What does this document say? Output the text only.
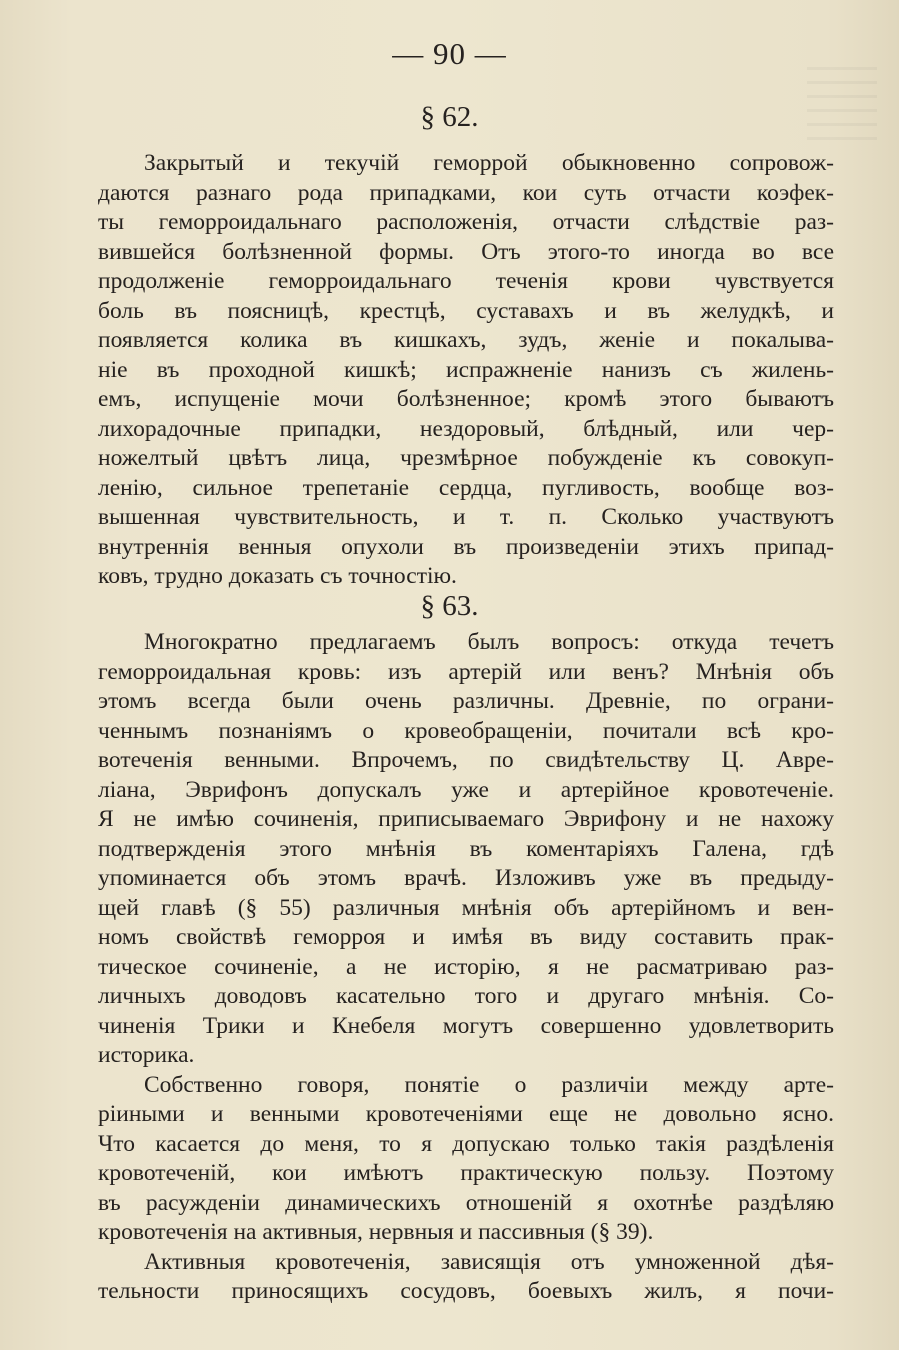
— 90 —
§ 62.
Закрытый и текучій геморрой обыкновенно сопровож-
даются разнаго рода припадками, кои суть отчасти коэфек-
ты геморроидальнаго расположенія, отчасти слѣдствіе раз-
вившейся болѣзненной формы. Отъ этого-то иногда во все
продолженіе геморроидальнаго теченія крови чувствуется
боль въ поясницѣ, крестцѣ, суставахъ и въ желудкѣ, и
появляется колика въ кишкахъ, зудъ, женіе и покалыва-
ніе въ проходной кишкѣ; испражненіе нанизъ съ жилень-
емъ, испущеніе мочи болѣзненное; кромѣ этого бываютъ
лихорадочные припадки, нездоровый, блѣдный, или чер-
ножелтый цвѣтъ лица, чрезмѣрное побужденіе къ совокуп-
ленію, сильное трепетаніе сердца, пугливость, вообще воз-
вышенная чувствительность, и т. п. Сколько участвуютъ
внутреннія венныя опухоли въ произведеніи этихъ припад-
ковъ, трудно доказать съ точностію.
§ 63.
Многократно предлагаемъ былъ вопросъ: откуда течетъ
геморроидальная кровь: изъ артерій или венъ? Мнѣнія объ
этомъ всегда были очень различны. Древніе, по ограни-
ченнымъ познаніямъ о кровеобращеніи, почитали всѣ кро-
вотеченія венными. Впрочемъ, по свидѣтельству Ц. Авре-
ліана, Эврифонъ допускалъ уже и артерійное кровотеченіе.
Я не имѣю сочиненія, приписываемаго Эврифону и не нахожу
подтвержденія этого мнѣнія въ коментаріяхъ Галена, гдѣ
упоминается объ этомъ врачѣ. Изложивъ уже въ предыду-
щей главѣ (§ 55) различныя мнѣнія объ артерійномъ и вен-
номъ свойствѣ геморроя и имѣя въ виду составить прак-
тическое сочиненіе, а не исторію, я не расматриваю раз-
личныхъ доводовъ касательно того и другаго мнѣнія. Со-
чиненія Трики и Кнебеля могутъ совершенно удовлетворить
историка.
Собственно говоря, понятіе о различіи между арте-
ріиными и венными кровотеченіями еще не довольно ясно.
Что касается до меня, то я допускаю только такія раздѣленія
кровотеченій, кои имѣютъ практическую пользу. Поэтому
въ расужденіи динамическихъ отношеній я охотнѣе раздѣляю
кровотеченія на активныя, нервныя и пассивныя (§ 39).
Активныя кровотеченія, зависящія отъ умноженной дѣя-
тельности приносящихъ сосудовъ, боевыхъ жилъ, я почи-
